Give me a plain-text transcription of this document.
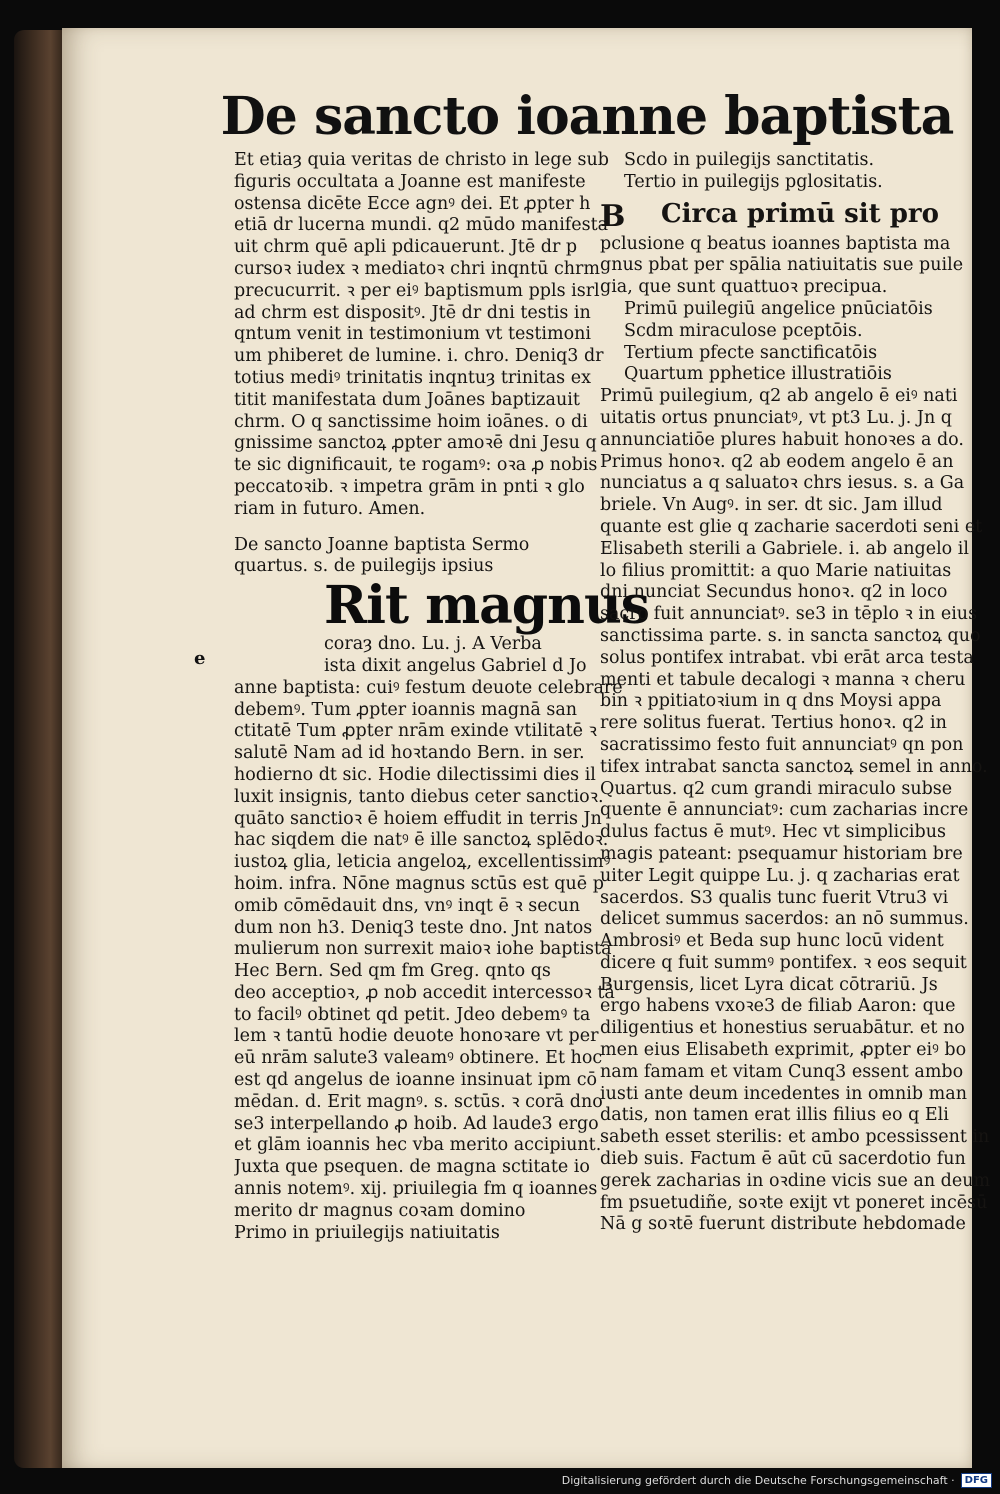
De sancto ioanne baptista
Et etiaȝ quia veritas de christo in lege sub
figuris occultata a Joanne est manifeste
ostensa dicēte Ecce agnꝰ dei. Et ꝓpter h
etiā dr lucerna mundi. q2 mūdo manifesta
uit chrm quē apli pdicauerunt. Jtē dr p
cursoꝛ iudex ꝛ mediatoꝛ chri inqntū chrm
precucurrit. ꝛ per eiꝰ baptismum ppls isrl
ad chrm est dispositꝰ. Jtē dr dni testis in
qntum venit in testimonium vt testimoni
um phiberet de lumine. i. chro. Deniq3 dr
totius mediꝰ trinitatis inqntuȝ trinitas ex
titit manifestata dum Joānes baptizauit
chrm. O q sanctissime hoim ioānes. o di
gnissime sanctoꝝ ꝓpter amoꝛē dni Jesu q
te sic dignificauit, te rogamꝰ: oꝛa ꝓ nobis
peccatoꝛib. ꝛ impetra grām in pnti ꝛ glo
riam in futuro. Amen.
De sancto Joanne baptista Sermo
quartus. s. de puilegijs ipsius
Rit magnus
coraȝ dno. Lu. j. A Verba
ista dixit angelus Gabriel d Jo
anne baptista: cuiꝰ festum deuote celebrare
debemꝰ. Tum ꝓpter ioannis magnā san
ctitatē Tum ꝓpter nrām exinde vtilitatē ꝛ
salutē Nam ad id hoꝛtando Bern. in ser.
hodierno dt sic. Hodie dilectissimi dies il
luxit insignis, tanto diebus ceter sanctioꝛ.
quāto sanctioꝛ ē hoiem effudit in terris Jn
hac siqdem die natꝰ ē ille sanctoꝝ splēdoꝛ.
iustoꝝ glia, leticia angeloꝝ, excellentissimꝰ
hoim. infra. Nōne magnus sctūs est quē p
omib cōmēdauit dns, vnꝰ inqt ē ꝛ secun
dum non h3. Deniq3 teste dno. Jnt natos
mulierum non surrexit maioꝛ iohe baptista
Hec Bern. Sed qm fm Greg. qnto qs
deo acceptioꝛ, ꝓ nob accedit intercessoꝛ tā
to facilꝰ obtinet qd petit. Jdeo debemꝰ ta
lem ꝛ tantū hodie deuote honoꝛare vt per
eū nrām salute3 valeamꝰ obtinere. Et hoc
est qd angelus de ioanne insinuat ipm cō
mēdan. d. Erit magnꝰ. s. sctūs. ꝛ corā dno
se3 interpellando ꝓ hoib. Ad laude3 ergo
et glām ioannis hec vba merito accipiunt.
Juxta que psequen. de magna sctitate io
annis notemꝰ. xij. priuilegia fm q ioannes
merito dr magnus coꝛam domino
Primo in priuilegijs natiuitatis
Scdo in puilegijs sanctitatis.
Tertio in puilegijs pglositatis.
B Circa primū sit pro
pclusione q beatus ioannes baptista ma
gnus pbat per spālia natiuitatis sue puile
gia, que sunt quattuoꝛ precipua.
Primū puilegiū angelice pnūciatōis
Scdm miraculose pceptōis.
Tertium pfecte sanctificatōis
Quartum pphetice illustratiōis
Primū puilegium, q2 ab angelo ē eiꝰ nati
uitatis ortus pnunciatꝰ, vt pt3 Lu. j. Jn q
annunciatiōe plures habuit honoꝛes a do.
Primus honoꝛ. q2 ab eodem angelo ē an
nunciatus a q saluatoꝛ chrs iesus. s. a Ga
briele. Vn Augꝰ. in ser. dt sic. Jam illud
quante est glie q zacharie sacerdoti seni et
Elisabeth sterili a Gabriele. i. ab angelo il
lo filius promittit: a quo Marie natiuitas
dni nunciat Secundus honoꝛ. q2 in loco
sacro fuit annunciatꝰ. se3 in tēplo ꝛ in eius
sanctissima parte. s. in sancta sanctoꝝ quo
solus pontifex intrabat. vbi erāt arca testa
menti et tabule decalogi ꝛ manna ꝛ cheru
bin ꝛ ppitiatoꝛium in q dns Moysi appa
rere solitus fuerat. Tertius honoꝛ. q2 in
sacratissimo festo fuit annunciatꝰ qn pon
tifex intrabat sancta sanctoꝝ semel in anno.
Quartus. q2 cum grandi miraculo subse
quente ē annunciatꝰ: cum zacharias incre
dulus factus ē mutꝰ. Hec vt simplicibus
magis pateant: psequamur historiam bre
uiter Legit quippe Lu. j. q zacharias erat
sacerdos. S3 qualis tunc fuerit Vtru3 vi
delicet summus sacerdos: an nō summus.
Ambrosiꝰ et Beda sup hunc locū vident
dicere q fuit summꝰ pontifex. ꝛ eos sequit
Burgensis, licet Lyra dicat cōtrariū. Js
ergo habens vxoꝛe3 de filiab Aaron: que
diligentius et honestius seruabātur. et no
men eius Elisabeth exprimit, ꝓpter eiꝰ bo
nam famam et vitam Cunq3 essent ambo
iusti ante deum incedentes in omnib man
datis, non tamen erat illis filius eo q Eli
sabeth esset sterilis: et ambo pcessissent in
dieb suis. Factum ē aūt cū sacerdotio fun
gerek zacharias in oꝛdine vicis sue an deum
fm psuetudiñe, soꝛte exijt vt poneret incēsū
Nā g soꝛtē fuerunt distribute hebdomade
e
Digitalisierung gefördert durch die Deutsche Forschungsgemeinschaft ·	DFG
